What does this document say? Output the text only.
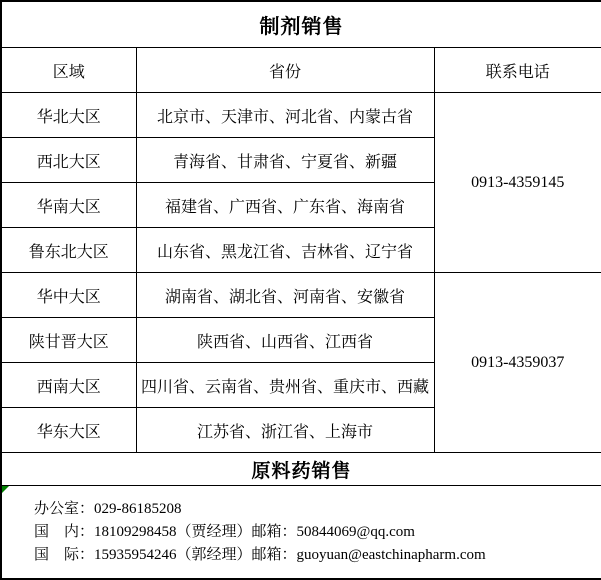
制剂销售		
区域	省份	联系电话
华北大区	北京市、天津市、河北省、内蒙古省	0913-4359145
西北大区	青海省、甘肃省、宁夏省、新疆	
华南大区	福建省、广西省、广东省、海南省	
鲁东北大区	山东省、黑龙江省、吉林省、辽宁省	
华中大区	湖南省、湖北省、河南省、安徽省	0913-4359037
陕甘晋大区	陕西省、山西省、江西省	
西南大区	四川省、云南省、贵州省、重庆市、西藏	
华东大区	江苏省、浙江省、上海市	
原料药销售		

办公室：029-86185208
国　内：18109298458（贾经理）邮箱：50844069@qq.com
国　际：15935954246（郭经理）邮箱：guoyuan@eastchinapharm.com		
